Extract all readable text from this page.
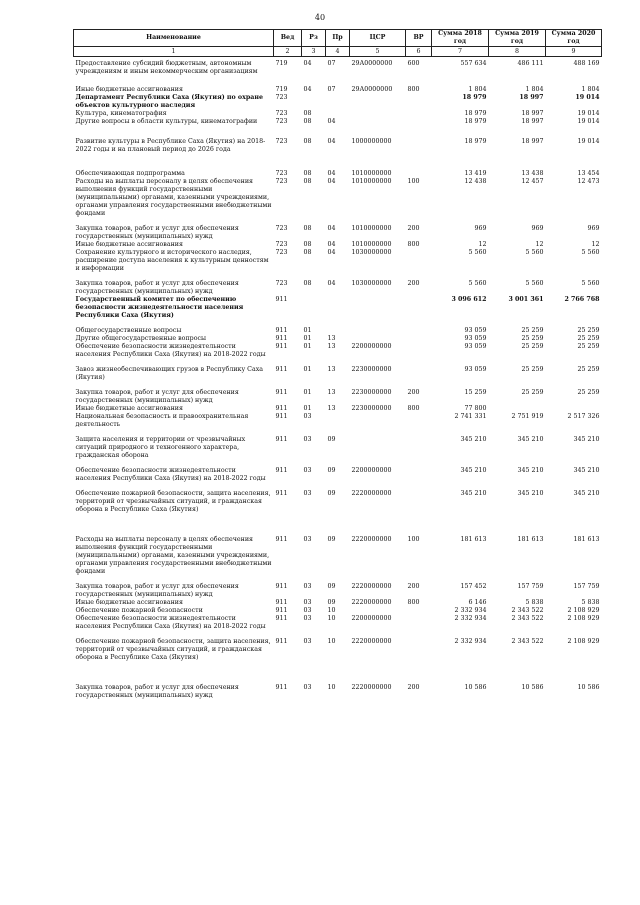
40
Наименование	Вед	Рз	Пр	ЦСР	ВР	Сумма 2018 год	Сумма 2019 год	Сумма 2020 год
1	2	3	4	5	6	7	8	9
Предоставление субсидий бюджетным, автономным учреждениям и иным некоммерческим организациям	719	04	07	29А0000000	600	557 634	486 111	488 169
Иные бюджетные ассигнования	719	04	07	29А0000000	800	1 804	1 804	1 804
Департамент Республики Саха (Якутия) по охране объектов культурного наследия	723					18 979	18 997	19 014
Культура, кинематография	723	08				18 979	18 997	19 014
Другие вопросы в области культуры, кинематографии	723	08	04			18 979	18 997	19 014
Развитие культуры в Республике Саха (Якутия) на 2018-2022 годы и на плановый период до 2026 года	723	08	04	1000000000		18 979	18 997	19 014
Обеспечивающая подпрограмма	723	08	04	1010000000		13 419	13 438	13 454
Расходы на выплаты персоналу в целях обеспечения выполнения функций государственными (муниципальными) органами, казенными учреждениями, органами управления государственными внебюджетными фондами	723	08	04	1010000000	100	12 438	12 457	12 473
Закупка товаров, работ и услуг для обеспечения государственных (муниципальных) нужд	723	08	04	1010000000	200	969	969	969
Иные бюджетные ассигнования	723	08	04	1010000000	800	12	12	12
Сохранение культурного и исторического наследия, расширение доступа населения к культурным ценностям и информации	723	08	04	1030000000		5 560	5 560	5 560
Закупка товаров, работ и услуг для обеспечения государственных (муниципальных) нужд	723	08	04	1030000000	200	5 560	5 560	5 560
Государственный комитет по обеспечению безопасности жизнедеятельности населения Республики Саха (Якутия)	911					3 096 612	3 001 361	2 766 768
Общегосударственные вопросы	911	01				93 059	25 259	25 259
Другие общегосударственные вопросы	911	01	13			93 059	25 259	25 259
Обеспечение безопасности жизнедеятельности населения Республики Саха (Якутия) на 2018-2022 годы	911	01	13	2200000000		93 059	25 259	25 259
Завоз жизнеобеспечивающих грузов в Республику Саха (Якутия)	911	01	13	2230000000		93 059	25 259	25 259
Закупка товаров, работ и услуг для обеспечения государственных (муниципальных) нужд	911	01	13	2230000000	200	15 259	25 259	25 259
Иные бюджетные ассигнования	911	01	13	2230000000	800	77 800		
Национальная безопасность и правоохранительная деятельность	911	03				2 741 331	2 751 919	2 517 326
Защита населения и территории от чрезвычайных ситуаций природного и техногенного характера, гражданская оборона	911	03	09			345 210	345 210	345 210
Обеспечение безопасности жизнедеятельности населения Республики Саха (Якутия) на 2018-2022 годы	911	03	09	2200000000		345 210	345 210	345 210
Обеспечение пожарной безопасности, защита населения, территорий от чрезвычайных ситуаций, и гражданская оборона в Республике Саха (Якутия)	911	03	09	2220000000		345 210	345 210	345 210
Расходы на выплаты персоналу в целях обеспечения выполнения функций государственными (муниципальными) органами, казенными учреждениями, органами управления государственными внебюджетными фондами	911	03	09	2220000000	100	181 613	181 613	181 613
Закупка товаров, работ и услуг для обеспечения государственных (муниципальных) нужд	911	03	09	2220000000	200	157 452	157 759	157 759
Иные бюджетные ассигнования	911	03	09	2220000000	800	6 146	5 838	5 838
Обеспечение пожарной безопасности	911	03	10			2 332 934	2 343 522	2 108 929
Обеспечение безопасности жизнедеятельности населения Республики Саха (Якутия) на 2018-2022 годы	911	03	10	2200000000		2 332 934	2 343 522	2 108 929
Обеспечение пожарной безопасности, защита населения, территорий от чрезвычайных ситуаций, и гражданская оборона в Республике Саха (Якутия)	911	03	10	2220000000		2 332 934	2 343 522	2 108 929
Закупка товаров, работ и услуг для обеспечения государственных (муниципальных) нужд	911	03	10	2220000000	200	10 586	10 586	10 586
